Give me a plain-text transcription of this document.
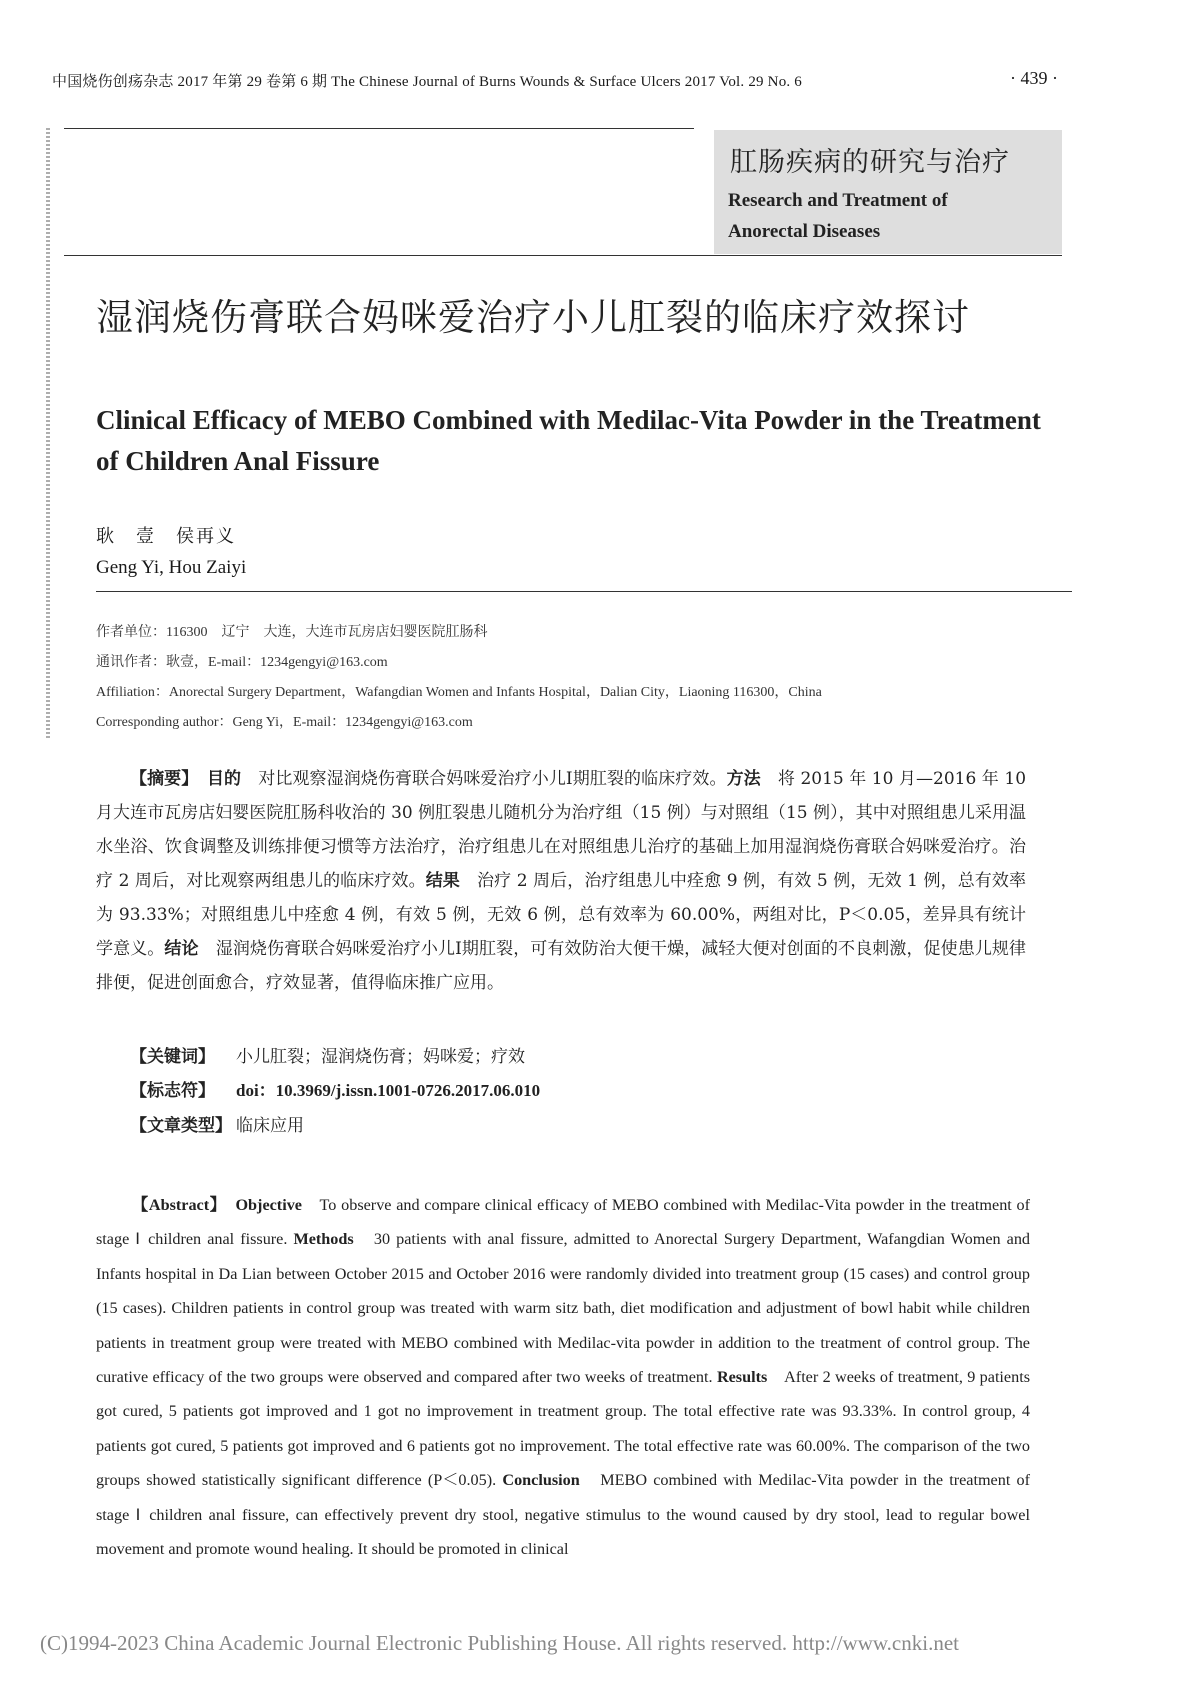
中国烧伤创疡杂志 2017 年第 29 卷第 6 期 The Chinese Journal of Burns Wounds & Surface Ulcers 2017 Vol. 29 No. 6	· 439 ·
肛肠疾病的研究与治疗
Research and Treatment of
Anorectal Diseases
湿润烧伤膏联合妈咪爱治疗小儿肛裂的临床疗效探讨
Clinical Efficacy of MEBO Combined with Medilac-Vita Powder in the Treatment of Children Anal Fissure
耿　壹　侯再义
Geng Yi, Hou Zaiyi
作者单位：116300　辽宁　大连，大连市瓦房店妇婴医院肛肠科
通讯作者：耿壹，E-mail：1234gengyi@163.com
Affiliation：Anorectal Surgery Department，Wafangdian Women and Infants Hospital，Dalian City，Liaoning 116300，China
Corresponding author：Geng Yi，E-mail：1234gengyi@163.com
【摘要】　 目的　 对比观察湿润烧伤膏联合妈咪爱治疗小儿Ⅰ期肛裂的临床疗效。方法　 将 2015 年 10 月—2016 年 10 月大连市瓦房店妇婴医院肛肠科收治的 30 例肛裂患儿随机分为治疗组（15 例）与对照组（15 例），其中对照组患儿采用温水坐浴、饮食调整及训练排便习惯等方法治疗，治疗组患儿在对照组患儿治疗的基础上加用湿润烧伤膏联合妈咪爱治疗。治疗 2 周后，对比观察两组患儿的临床疗效。结果　 治疗 2 周后，治疗组患儿中痊愈 9 例，有效 5 例，无效 1 例，总有效率为 93.33%；对照组患儿中痊愈 4 例，有效 5 例，无效 6 例，总有效率为 60.00%，两组对比，P＜0.05，差异具有统计学意义。结论　 湿润烧伤膏联合妈咪爱治疗小儿Ⅰ期肛裂，可有效防治大便干燥，减轻大便对创面的不良刺激，促使患儿规律排便，促进创面愈合，疗效显著，值得临床推广应用。
【关键词】 小儿肛裂；湿润烧伤膏；妈咪爱；疗效
【标志符】 doi：10.3969/j.issn.1001-0726.2017.06.010
【文章类型】 临床应用
【Abstract】　 Objective　 To observe and compare clinical efficacy of MEBO combined with Medilac-Vita powder in the treatment of stage Ⅰ children anal fissure. Methods　 30 patients with anal fissure, admitted to Anorectal Surgery Department, Wafangdian Women and Infants hospital in Da Lian between October 2015 and October 2016 were randomly divided into treatment group (15 cases) and control group (15 cases). Children patients in control group was treated with warm sitz bath, diet modification and adjustment of bowl habit while children patients in treatment group were treated with MEBO combined with Medilac-vita powder in addition to the treatment of control group. The curative efficacy of the two groups were observed and compared after two weeks of treatment. Results　 After 2 weeks of treatment, 9 patients got cured, 5 patients got improved and 1 got no improvement in treatment group. The total effective rate was 93.33%. In control group, 4 patients got cured, 5 patients got improved and 6 patients got no improvement. The total effective rate was 60.00%. The comparison of the two groups showed statistically significant difference (P＜0.05). Conclusion　 MEBO combined with Medilac-Vita powder in the treatment of stage Ⅰ children anal fissure, can effectively prevent dry stool, negative stimulus to the wound caused by dry stool, lead to regular bowel movement and promote wound healing. It should be promoted in clinical
(C)1994-2023 China Academic Journal Electronic Publishing House. All rights reserved. http://www.cnki.net
